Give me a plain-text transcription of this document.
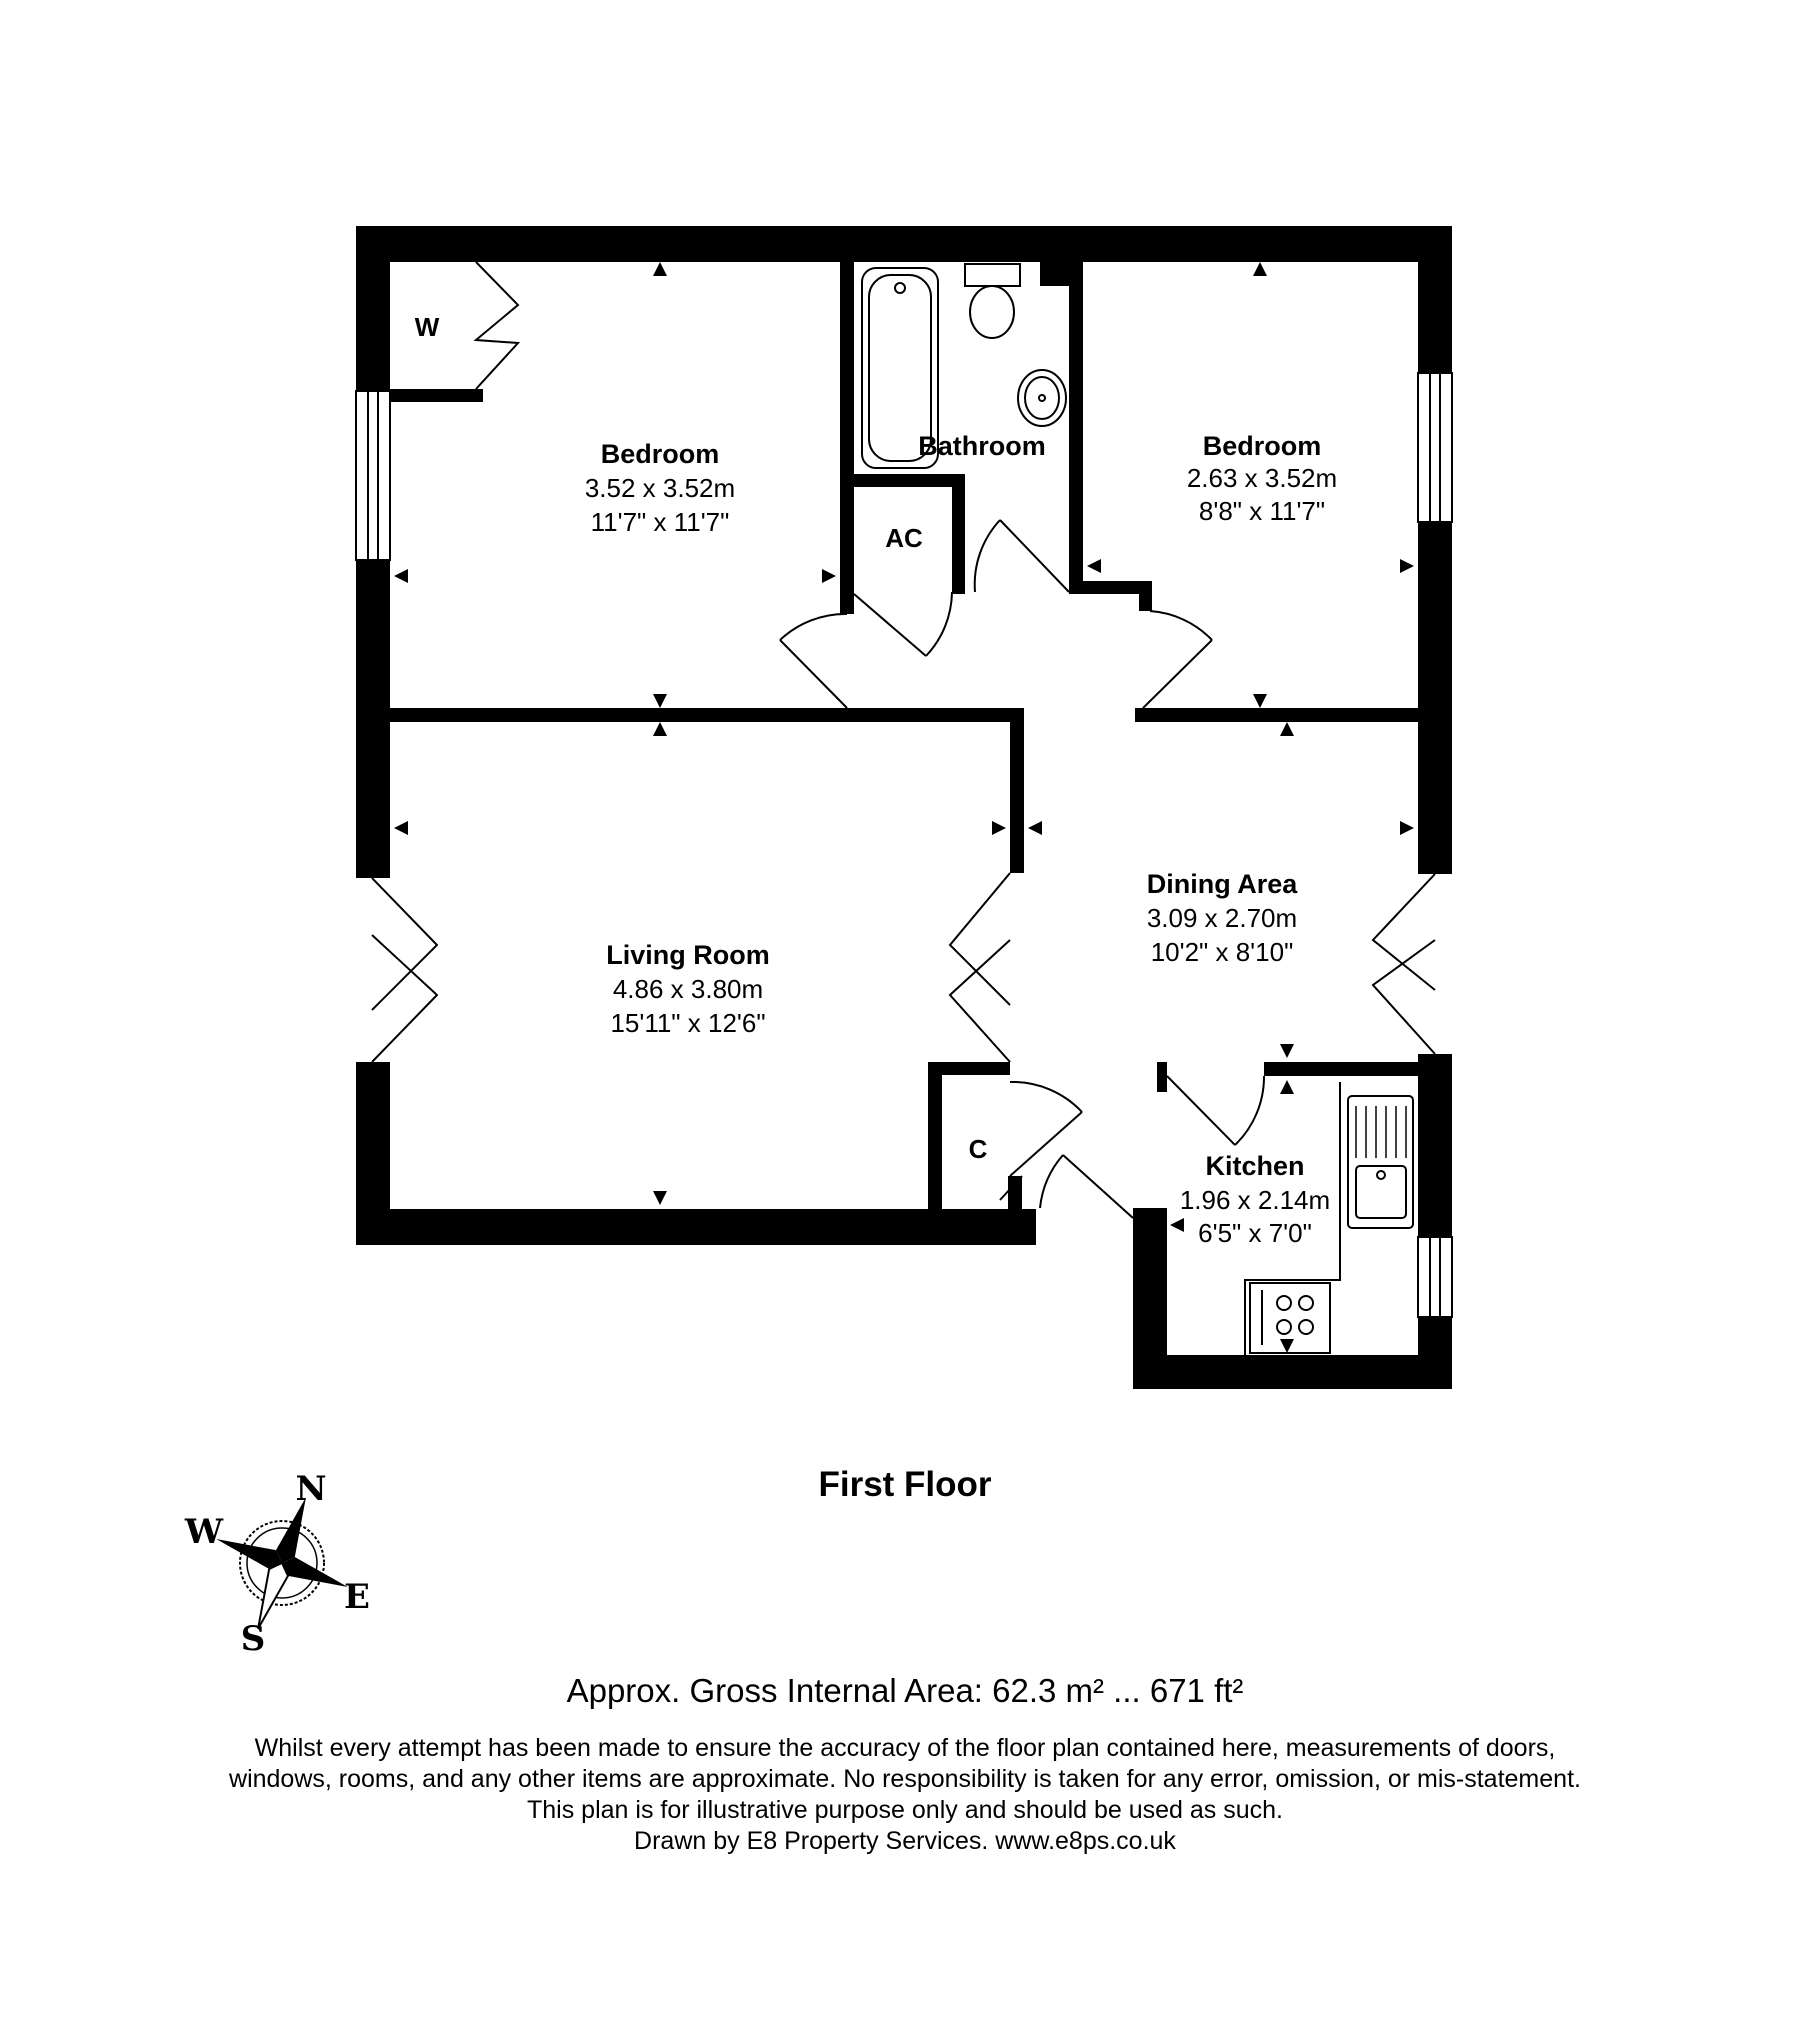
Bedroom
3.52 x 3.52m
11'7" x 11'7"
Bathroom	Bedroom
2.63 x 3.52m
8'8" x 11'7"
Living Room
4.86 x 3.80m
15'11" x 12'6"
Dining Area
3.09 x 2.70m
10'2" x 8'10"
Kitchen
1.96 x 2.14m
6'5" x 7'0"
W
AC
C
N
E
S
W
First Floor
Approx. Gross Internal Area: 62.3 m² ... 671 ft²
Whilst every attempt has been made to ensure the accuracy of the floor plan contained here, measurements of doors,
windows, rooms, and any other items are approximate. No responsibility is taken for any error, omission, or mis-statement.
This plan is for illustrative purpose only and should be used as such.
Drawn by E8 Property Services. www.e8ps.co.uk
